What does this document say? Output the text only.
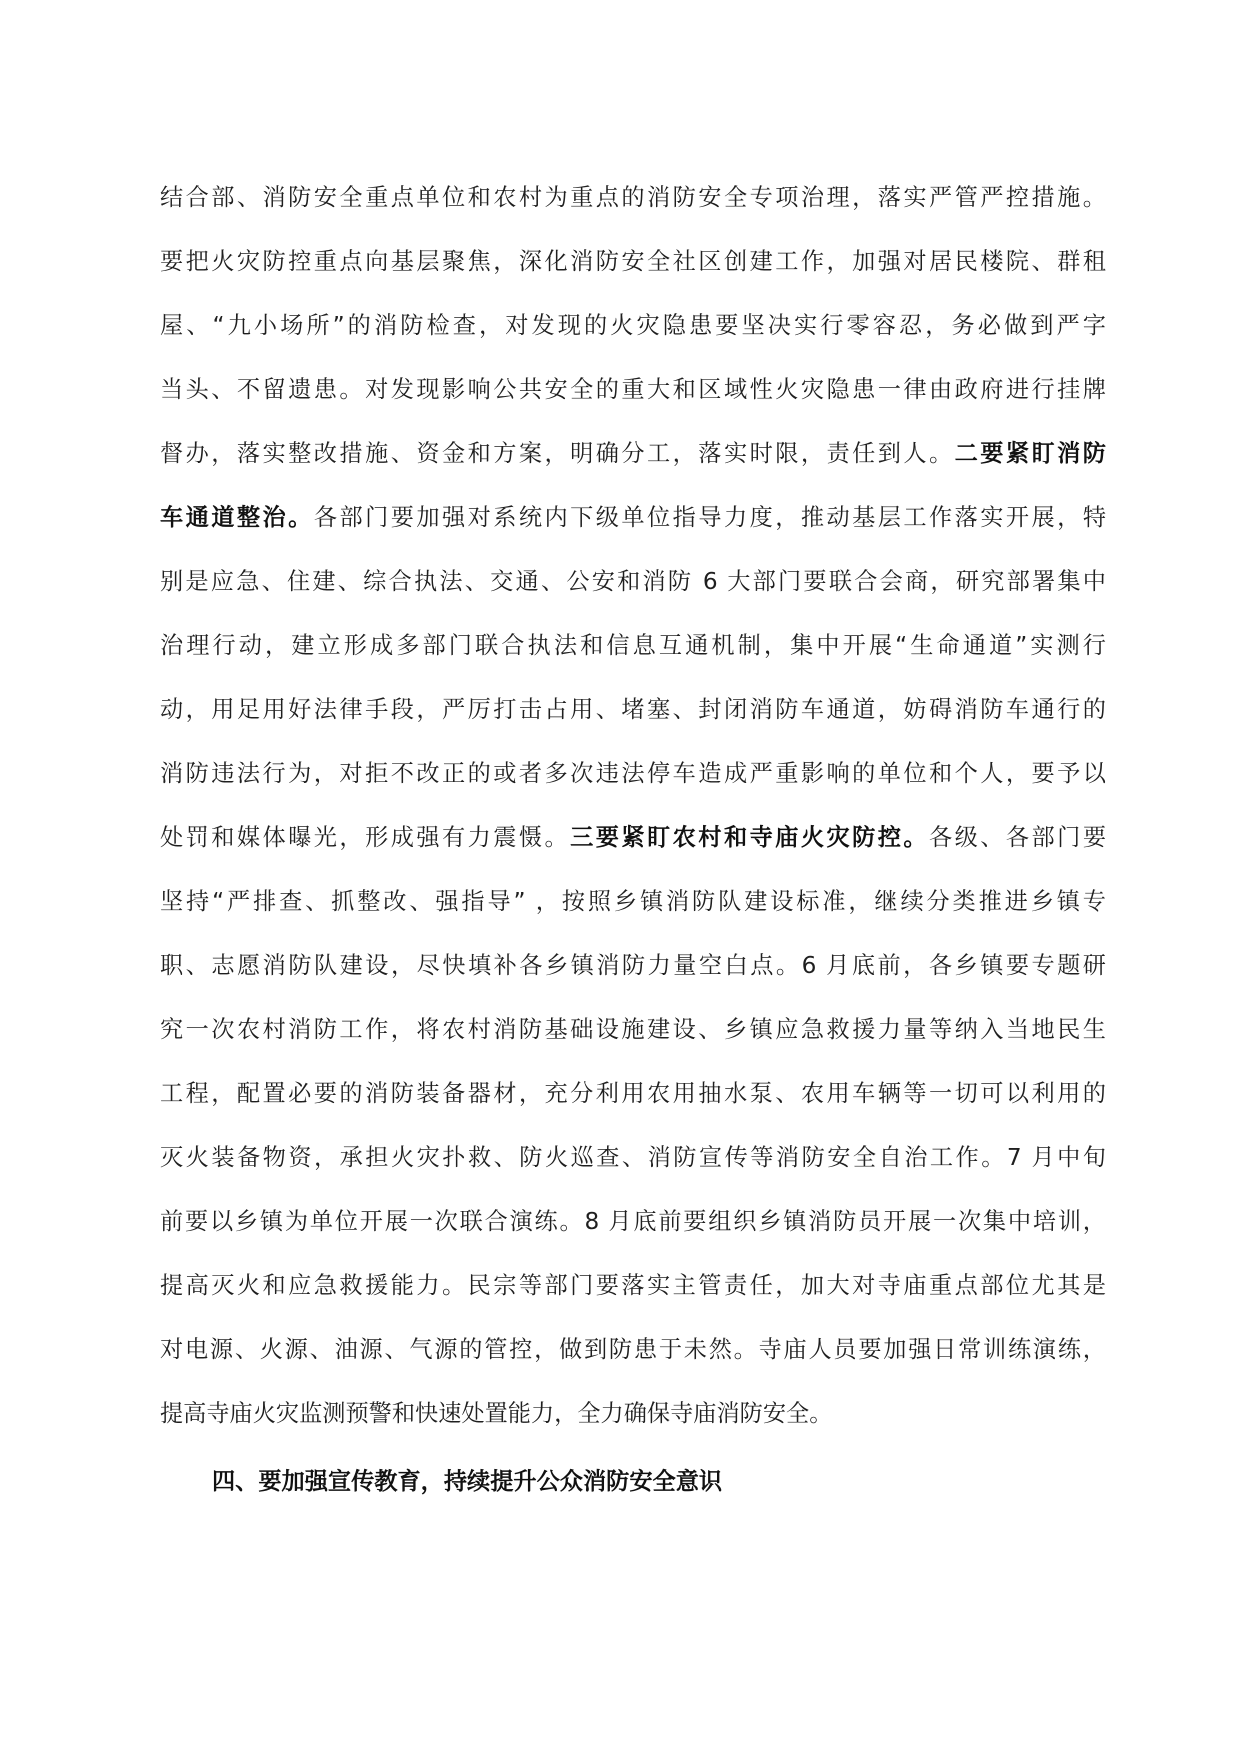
结合部、消防安全重点单位和农村为重点的消防安全专项治理，落实严管严控措施。
要把火灾防控重点向基层聚焦，深化消防安全社区创建工作，加强对居民楼院、群租
屋、“九小场所”的消防检查，对发现的火灾隐患要坚决实行零容忍，务必做到严字
当头、不留遗患。对发现影响公共安全的重大和区域性火灾隐患一律由政府进行挂牌
督办，落实整改措施、资金和方案，明确分工，落实时限，责任到人。二要紧盯消防
车通道整治。各部门要加强对系统内下级单位指导力度，推动基层工作落实开展，特
别是应急、住建、综合执法、交通、公安和消防 6 大部门要联合会商，研究部署集中
治理行动，建立形成多部门联合执法和信息互通机制，集中开展“生命通道”实测行
动，用足用好法律手段，严厉打击占用、堵塞、封闭消防车通道，妨碍消防车通行的
消防违法行为，对拒不改正的或者多次违法停车造成严重影响的单位和个人，要予以
处罚和媒体曝光，形成强有力震慑。三要紧盯农村和寺庙火灾防控。各级、各部门要
坚持“严排查、抓整改、强指导” ，按照乡镇消防队建设标准，继续分类推进乡镇专
职、志愿消防队建设，尽快填补各乡镇消防力量空白点。6 月底前，各乡镇要专题研
究一次农村消防工作，将农村消防基础设施建设、乡镇应急救援力量等纳入当地民生
工程，配置必要的消防装备器材，充分利用农用抽水泵、农用车辆等一切可以利用的
灭火装备物资，承担火灾扑救、防火巡查、消防宣传等消防安全自治工作。7 月中旬
前要以乡镇为单位开展一次联合演练。8 月底前要组织乡镇消防员开展一次集中培训，
提高灭火和应急救援能力。民宗等部门要落实主管责任，加大对寺庙重点部位尤其是
对电源、火源、油源、气源的管控，做到防患于未然。寺庙人员要加强日常训练演练，
提高寺庙火灾监测预警和快速处置能力，全力确保寺庙消防安全。
四、要加强宣传教育，持续提升公众消防安全意识
